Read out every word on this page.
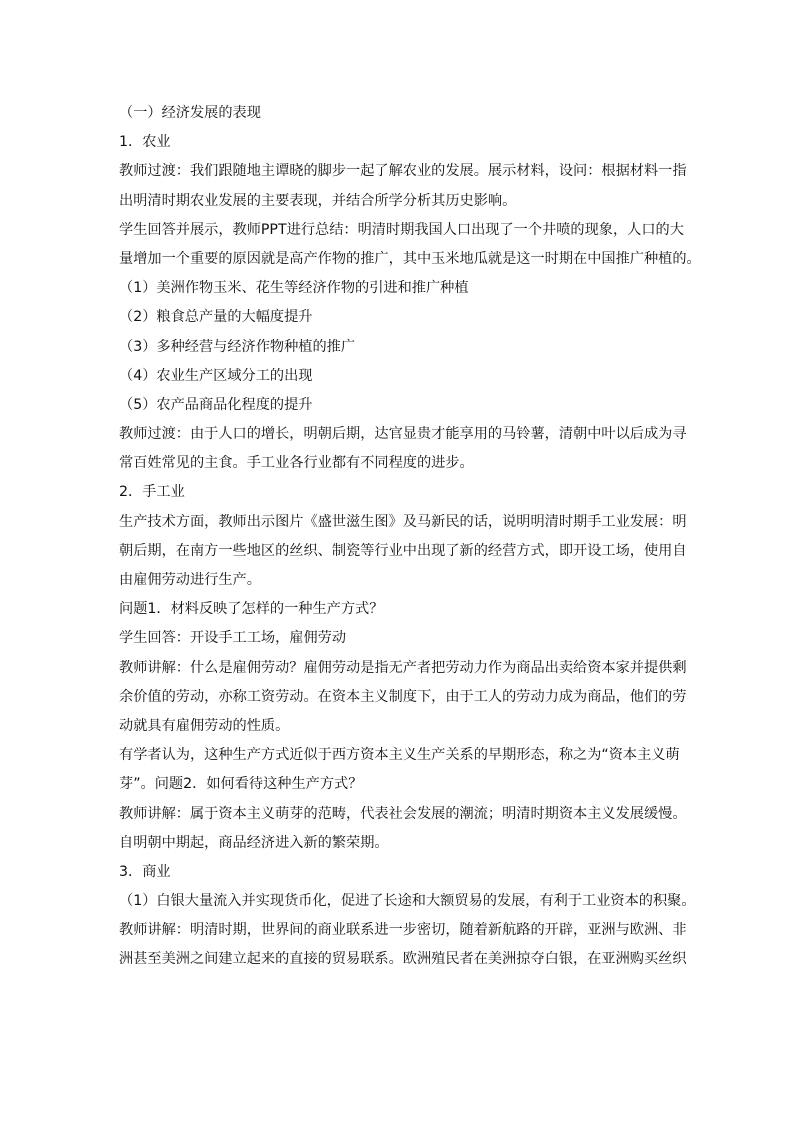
（一）经济发展的表现
1．农业
教师过渡：我们跟随地主谭晓的脚步一起了解农业的发展。展示材料，设问：根据材料一指
出明清时期农业发展的主要表现，并结合所学分析其历史影响。
学生回答并展示，教师PPT进行总结：明清时期我国人口出现了一个井喷的现象，人口的大
量增加一个重要的原因就是高产作物的推广，其中玉米地瓜就是这一时期在中国推广种植的。
（1）美洲作物玉米、花生等经济作物的引进和推广种植
（2）粮食总产量的大幅度提升
（3）多种经营与经济作物种植的推广
（4）农业生产区域分工的出现
（5）农产品商品化程度的提升
教师过渡：由于人口的增长，明朝后期，达官显贵才能享用的马铃薯，清朝中叶以后成为寻
常百姓常见的主食。手工业各行业都有不同程度的进步。
2．手工业
生产技术方面，教师出示图片《盛世滋生图》及马新民的话，说明明清时期手工业发展：明
朝后期，在南方一些地区的丝织、制瓷等行业中出现了新的经营方式，即开设工场，使用自
由雇佣劳动进行生产。
问题1．材料反映了怎样的一种生产方式？
学生回答：开设手工工场，雇佣劳动
教师讲解：什么是雇佣劳动？雇佣劳动是指无产者把劳动力作为商品出卖给资本家并提供剩
余价值的劳动，亦称工资劳动。在资本主义制度下，由于工人的劳动力成为商品，他们的劳
动就具有雇佣劳动的性质。
有学者认为，这种生产方式近似于西方资本主义生产关系的早期形态，称之为“资本主义萌
芽”。问题2．如何看待这种生产方式？
教师讲解：属于资本主义萌芽的范畴，代表社会发展的潮流；明清时期资本主义发展缓慢。
自明朝中期起，商品经济进入新的繁荣期。
3．商业
（1）白银大量流入并实现货币化，促进了长途和大额贸易的发展，有利于工业资本的积聚。
教师讲解：明清时期，世界间的商业联系进一步密切，随着新航路的开辟，亚洲与欧洲、非
洲甚至美洲之间建立起来的直接的贸易联系。欧洲殖民者在美洲掠夺白银，在亚洲购买丝织
